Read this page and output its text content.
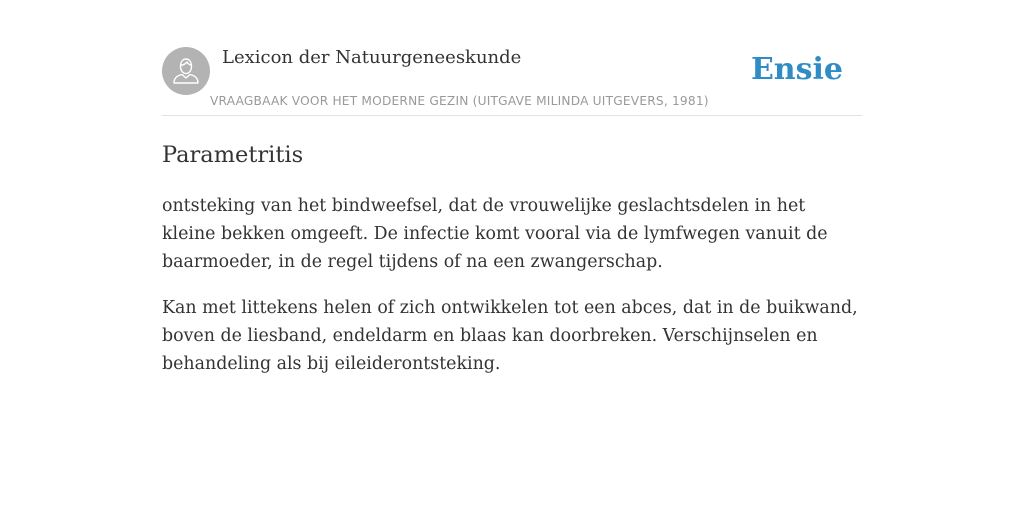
Lexicon der Natuurgeneeskunde
VRAAGBAAK VOOR HET MODERNE GEZIN (UITGAVE MILINDA UITGEVERS, 1981)
Ensie
Parametritis

ontsteking van het bindweefsel, dat de vrouwelijke geslachtsdelen in het kleine bekken omgeeft. De infectie komt vooral via de lymfwegen vanuit de baarmoeder, in de regel tijdens of na een zwangerschap.

Kan met littekens helen of zich ontwikkelen tot een abces, dat in de buikwand, boven de liesband, endeldarm en blaas kan doorbreken. Verschijnselen en behandeling als bij eileiderontsteking.
